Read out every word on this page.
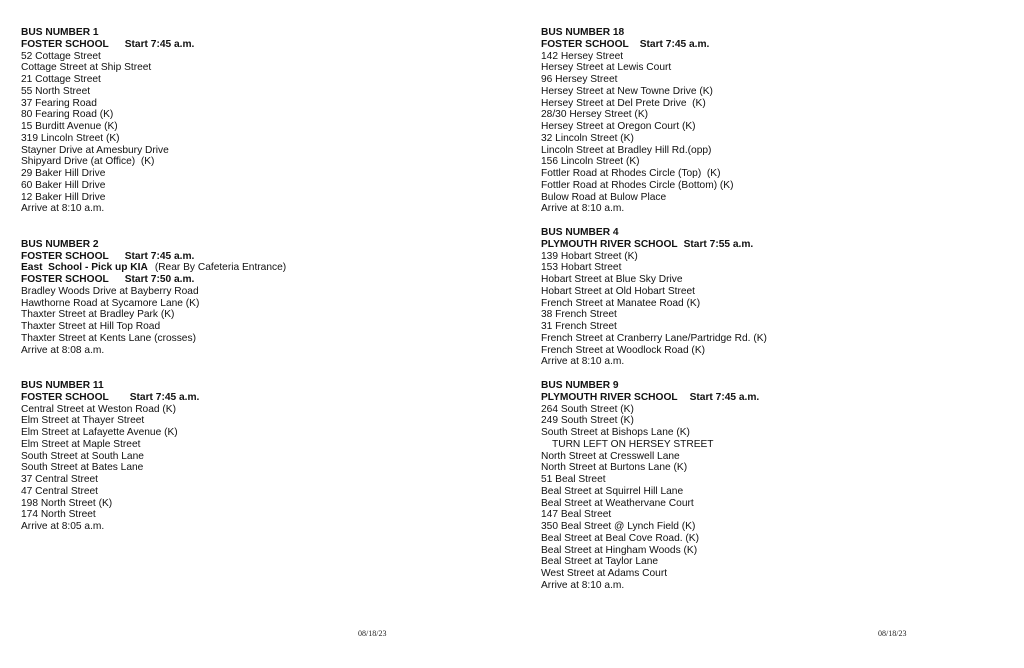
BUS NUMBER 1
FOSTER SCHOOL Start 7:45 a.m.
52 Cottage Street
Cottage Street at Ship Street
21 Cottage Street
55 North Street
37 Fearing Road
80 Fearing Road (K)
15 Burditt Avenue (K)
319 Lincoln Street (K)
Stayner Drive at Amesbury Drive
Shipyard Drive (at Office)  (K)
29 Baker Hill Drive
60 Baker Hill Drive
12 Baker Hill Drive
Arrive at 8:10 a.m.
BUS NUMBER 2
FOSTER SCHOOL Start 7:45 a.m.
East  School - Pick up KIA (Rear By Cafeteria Entrance)
FOSTER SCHOOL Start 7:50 a.m.
Bradley Woods Drive at Bayberry Road
Hawthorne Road at Sycamore Lane (K)
Thaxter Street at Bradley Park (K)
Thaxter Street at Hill Top Road
Thaxter Street at Kents Lane (crosses)
Arrive at 8:08 a.m.
BUS NUMBER 11
FOSTER SCHOOL Start 7:45 a.m.
Central Street at Weston Road (K)
Elm Street at Thayer Street
Elm Street at Lafayette Avenue (K)
Elm Street at Maple Street
South Street at South Lane
South Street at Bates Lane
37 Central Street
47 Central Street
198 North Street (K)
174 North Street
Arrive at 8:05 a.m.
BUS NUMBER 18
FOSTER SCHOOL Start 7:45 a.m.
142 Hersey Street
Hersey Street at Lewis Court
96 Hersey Street
Hersey Street at New Towne Drive (K)
Hersey Street at Del Prete Drive  (K)
28/30 Hersey Street (K)
Hersey Street at Oregon Court (K)
32 Lincoln Street (K)
Lincoln Street at Bradley Hill Rd.(opp)
156 Lincoln Street (K)
Fottler Road at Rhodes Circle (Top)  (K)
Fottler Road at Rhodes Circle (Bottom) (K)
Bulow Road at Bulow Place
Arrive at 8:10 a.m.
BUS NUMBER 4
PLYMOUTH RIVER SCHOOL Start 7:55 a.m.
139 Hobart Street (K)
153 Hobart Street
Hobart Street at Blue Sky Drive
Hobart Street at Old Hobart Street
French Street at Manatee Road (K)
38 French Street
31 French Street
French Street at Cranberry Lane/Partridge Rd. (K)
French Street at Woodlock Road (K)
Arrive at 8:10 a.m.
BUS NUMBER 9
PLYMOUTH RIVER SCHOOL Start 7:45 a.m.
264 South Street (K)
249 South Street (K)
South Street at Bishops Lane (K)
TURN LEFT ON HERSEY STREET
North Street at Cresswell Lane
North Street at Burtons Lane (K)
51 Beal Street
Beal Street at Squirrel Hill Lane
Beal Street at Weathervane Court
147 Beal Street
350 Beal Street @ Lynch Field (K)
Beal Street at Beal Cove Road. (K)
Beal Street at Hingham Woods (K)
Beal Street at Taylor Lane
West Street at Adams Court
Arrive at 8:10 a.m.
08/18/23	08/18/23
